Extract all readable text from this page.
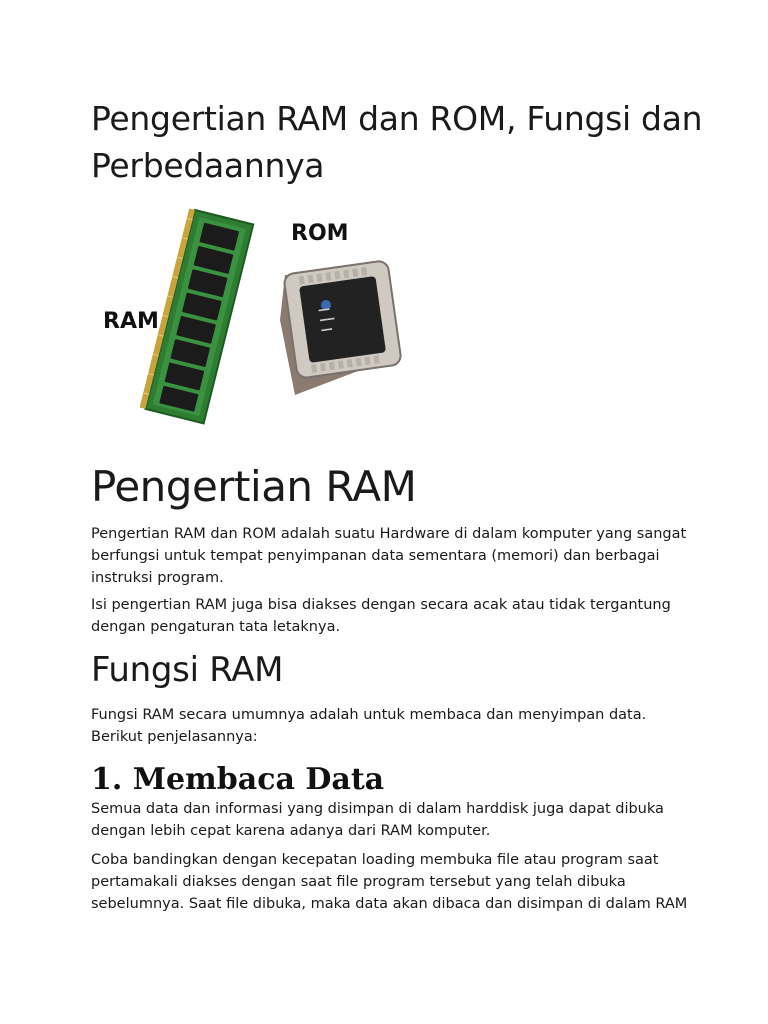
Pengertian RAM dan ROM, Fungsi dan Perbedaannya
▬▬▬
▬▬▬▬
▬▬▬
ROM
RAM
Pengertian RAM

Pengertian RAM dan ROM adalah suatu Hardware di dalam komputer yang sangat berfungsi untuk tempat penyimpanan data sementara (memori) dan berbagai instruksi program.

Isi pengertian RAM juga bisa diakses dengan secara acak atau tidak tergantung dengan pengaturan tata letaknya.

Fungsi RAM

Fungsi RAM secara umumnya adalah untuk membaca dan menyimpan data. Berikut penjelasannya:

1. Membaca Data

Semua data dan informasi yang disimpan di dalam harddisk juga dapat dibuka dengan lebih cepat karena adanya dari RAM komputer.

Coba bandingkan dengan kecepatan loading membuka file atau program saat pertamakali diakses dengan saat file program tersebut yang telah dibuka sebelumnya. Saat file dibuka, maka data akan dibaca dan disimpan di dalam RAM
